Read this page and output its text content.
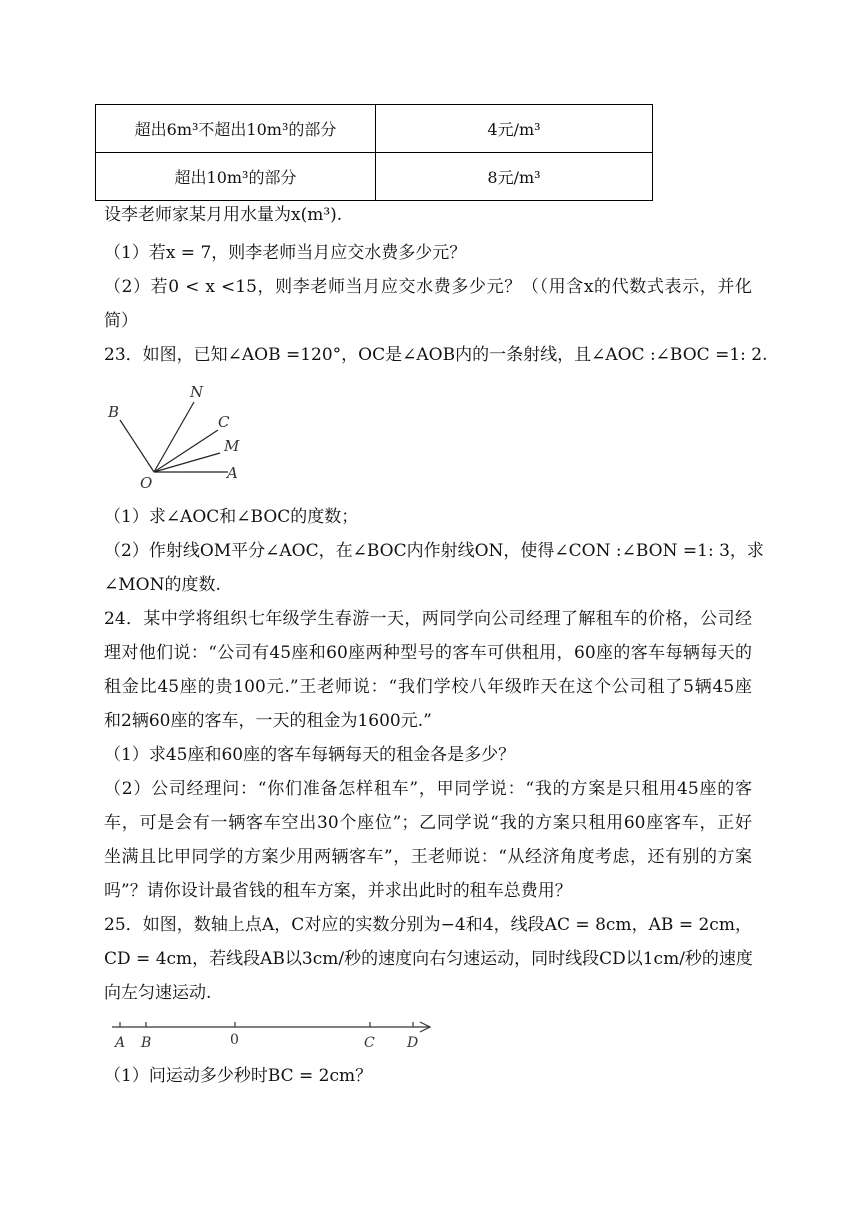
超出6m³不超出10m³的部分	4元/m³
超出10m³的部分	8元/m³
设李老师家某月用水量为x(m³).
（1）若x = 7，则李老师当月应交水费多少元？
（2）若0 < x <15，则李老师当月应交水费多少元？（（用含x的代数式表示，并化
简）
23．如图，已知∠AOB =120°，OC是∠AOB内的一条射线，且∠AOC :∠BOC =1: 2.
B
N
C
M
A
O
（1）求∠AOC和∠BOC的度数；
（2）作射线OM平分∠AOC，在∠BOC内作射线ON，使得∠CON :∠BON =1: 3，求
∠MON的度数.
24．某中学将组织七年级学生春游一天，两同学向公司经理了解租车的价格，公司经
理对他们说：“公司有45座和60座两种型号的客车可供租用，60座的客车每辆每天的
租金比45座的贵100元.”王老师说：“我们学校八年级昨天在这个公司租了5辆45座
和2辆60座的客车，一天的租金为1600元.”
（1）求45座和60座的客车每辆每天的租金各是多少？
（2）公司经理问：“你们准备怎样租车”，甲同学说：“我的方案是只租用45座的客
车，可是会有一辆客车空出30个座位”；乙同学说“我的方案只租用60座客车，正好
坐满且比甲同学的方案少用两辆客车”，王老师说：“从经济角度考虑，还有别的方案
吗”？请你设计最省钱的租车方案，并求出此时的租车总费用？
25．如图，数轴上点A，C对应的实数分别为−4和4，线段AC = 8cm，AB = 2cm，
CD = 4cm，若线段AB以3cm/秒的速度向右匀速运动，同时线段CD以1cm/秒的速度
向左匀速运动.
A B	0	C D
（1）问运动多少秒时BC = 2cm？
